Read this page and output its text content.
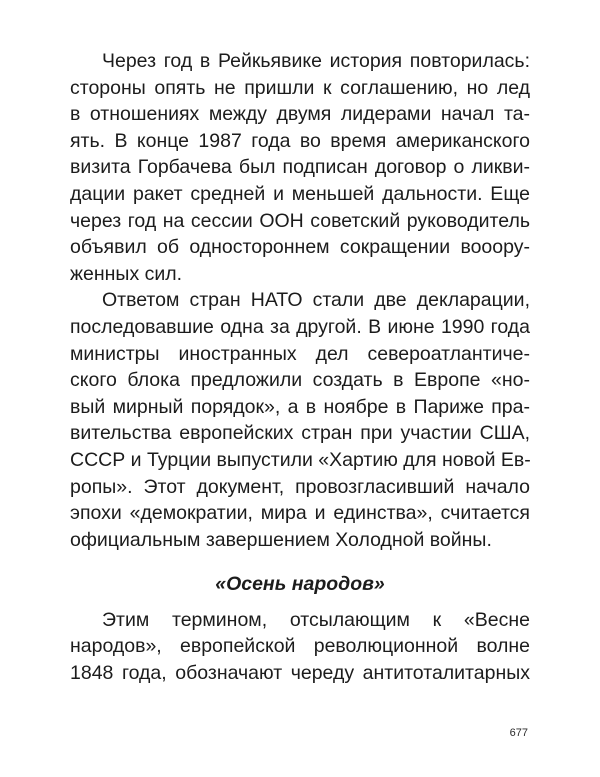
Через год в Рейкьявике история повторилась:
стороны опять не пришли к соглашению, но лед
в отношениях между двумя лидерами начал та-
ять. В конце 1987 года во время американского
визита Горбачева был подписан договор о ликви-
дации ракет средней и меньшей дальности. Еще
через год на сессии ООН советский руководитель
объявил об одностороннем сокращении вооору-
женных сил.
Ответом стран НАТО стали две декларации,
последовавшие одна за другой. В июне 1990 года
министры иностранных дел североатлантиче-
ского блока предложили создать в Европе «но-
вый мирный порядок», а в ноябре в Париже пра-
вительства европейских стран при участии США,
СССР и Турции выпустили «Хартию для новой Ев-
ропы». Этот документ, провозгласивший начало
эпохи «демократии, мира и единства», считается
официальным завершением Холодной войны.
«Осень народов»
Этим термином, отсылающим к «Весне
народов», европейской революционной волне
1848 года, обозначают череду антитоталитарных
677
